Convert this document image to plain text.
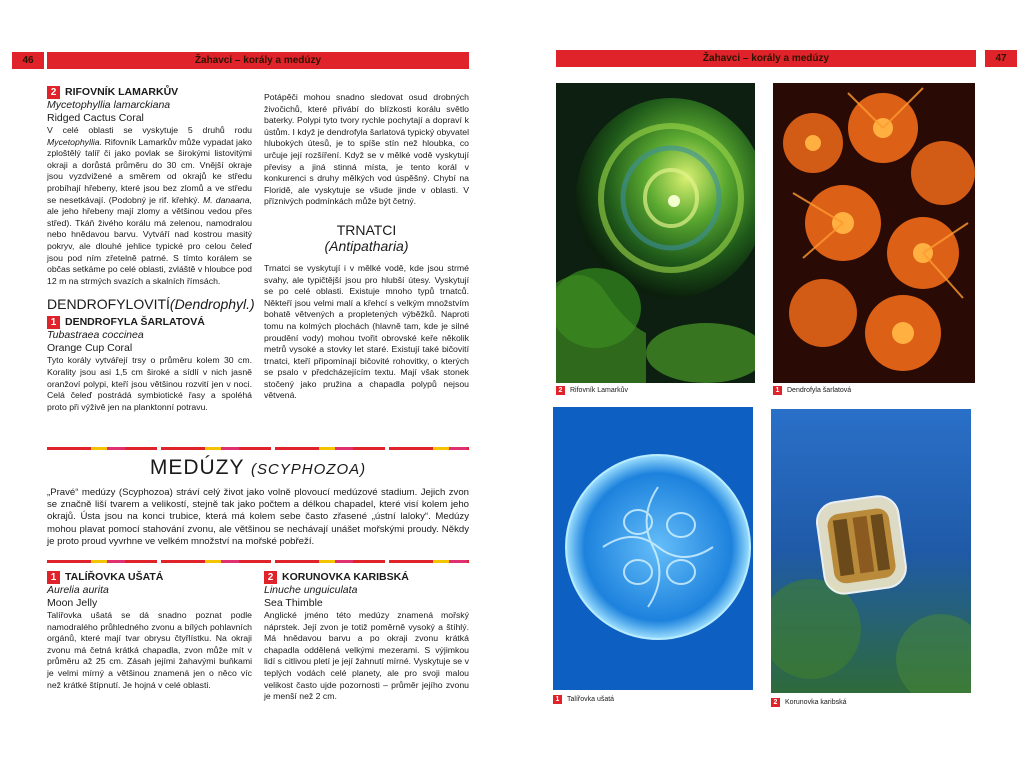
46	Žahavci – korály a medúzy	Žahavci – korály a medúzy	47
2 RIFOVNÍK LAMARKŮV
Mycetophyllia lamarckiana
Ridged Cactus Coral

V celé oblasti se vyskytuje 5 druhů rodu Mycetophyllia. Rifovník Lamarkův může vypadat jako zploštělý talíř či jako povlak se širokými listovitými okraji a dorůstá průměru do 30 cm. Vnější okraje jsou vyzdvižené a směrem od okrajů ke středu probíhají hřebeny, které jsou bez zlomů a ve středu se nesetkávají. (Podobný je rif. křehký. M. danaana, ale jeho hřebeny mají zlomy a většinou vedou přes střed). Tkáň živého korálu má zelenou, namodralou nebo hnědavou barvu. Vytváří nad kostrou masitý pokryv, ale dlouhé jehlice typické pro celou čeleď jsou pod ním zřetelně patrné. S tímto korálem se občas setkáme po celé oblasti, zvláště v hloubce pod 12 m na strmých svazích a skalních římsách.

DENDROFYLOVITÍ(Dendrophyl.)
1 DENDROFYLA ŠARLATOVÁ
Tubastraea coccinea
Orange Cup Coral

Tyto korály vytvářejí trsy o průměru kolem 30 cm. Korality jsou asi 1,5 cm široké a sídlí v nich jasně oranžoví polypi, kteří jsou většinou rozvití jen v noci. Celá čeleď postrádá symbiotické řasy a spoléhá proto při výživě jen na planktonní potravu.

Potápěči mohou snadno sledovat osud drobných živočichů, které přivábí do blízkosti korálu světlo baterky. Polypi tyto tvory rychle pochytají a dopraví k ústům. I když je dendrofyla šarlatová typický obyvatel hlubokých útesů, je to spíše stín než hloubka, co určuje její rozšíření. Když se v mělké vodě vyskytují převisy a jiná stinná místa, je tento korál v konkurenci s druhy mělkých vod úspěšný. Chybí na Floridě, ale vyskytuje se všude jinde v oblasti. V příznivých podmínkách může být četný.

TRNATCI
(Antipatharia)

Trnatci se vyskytují i v mělké vodě, kde jsou strmé svahy, ale typičtější jsou pro hlubší útesy. Vyskytují se po celé oblasti. Existuje mnoho typů trnatců. Někteří jsou velmi malí a křehcí s velkým množstvím bohatě větvených a propletených výběžků. Naproti tomu na kolmých plochách (hlavně tam, kde je silné proudění vody) mohou tvořit obrovské keře několik metrů vysoké a stovky let staré. Existují také bičovití trnatci, kteří připomínají bičovité rohovitky, o kterých se psalo v předcházejícím textu. Mají však stonek stočený jako pružina a chapadla polypů nejsou větvená.

MEDÚZY (SCYPHOZOA)

„Pravé“ medúzy (Scyphozoa) stráví celý život jako volně plovoucí medúzové stadium. Jejich zvon se značně liší tvarem a velikostí, stejně tak jako počtem a délkou chapadel, které visí kolem jeho okrajů. Ústa jsou na konci trubice, která má kolem sebe často zřasené „ústní laloky“. Medúzy mohou plavat pomocí stahování zvonu, ale většinou se nechávají unášet mořskými proudy. Někdy je proto proud vyvrhne ve velkém množství na mořské pobřeží.

1 TALÍŘOVKA UŠATÁ
Aurelia aurita
Moon Jelly

Talířovka ušatá se dá snadno poznat podle namodralého průhledného zvonu a bílých pohlavních orgánů, které mají tvar obrysu čtyřlístku. Na okraji zvonu má četná krátká chapadla, zvon může mít v průměru až 25 cm. Zásah jejími žahavými buňkami je velmi mírný a většinou znamená jen o něco víc než krátké štípnutí. Je hojná v celé oblasti.

2 KORUNOVKA KARIBSKÁ
Linuche unguiculata
Sea Thimble

Anglické jméno této medúzy znamená mořský náprstek. Její zvon je totiž poměrně vysoký a štíhlý. Má hnědavou barvu a po okraji zvonu krátká chapadla oddělená velkými mezerami. S výjimkou lidí s citlivou pletí je její žahnutí mírné. Vyskytuje se v teplých vodách celé planety, ale pro svoji malou velikost často ujde pozornosti – průměr jejího zvonu je menší než 2 cm.

2	Rifovník Lamarkův	1	Dendrofyla šarlatová
1	Talířovka ušatá	2	Korunovka karibská
